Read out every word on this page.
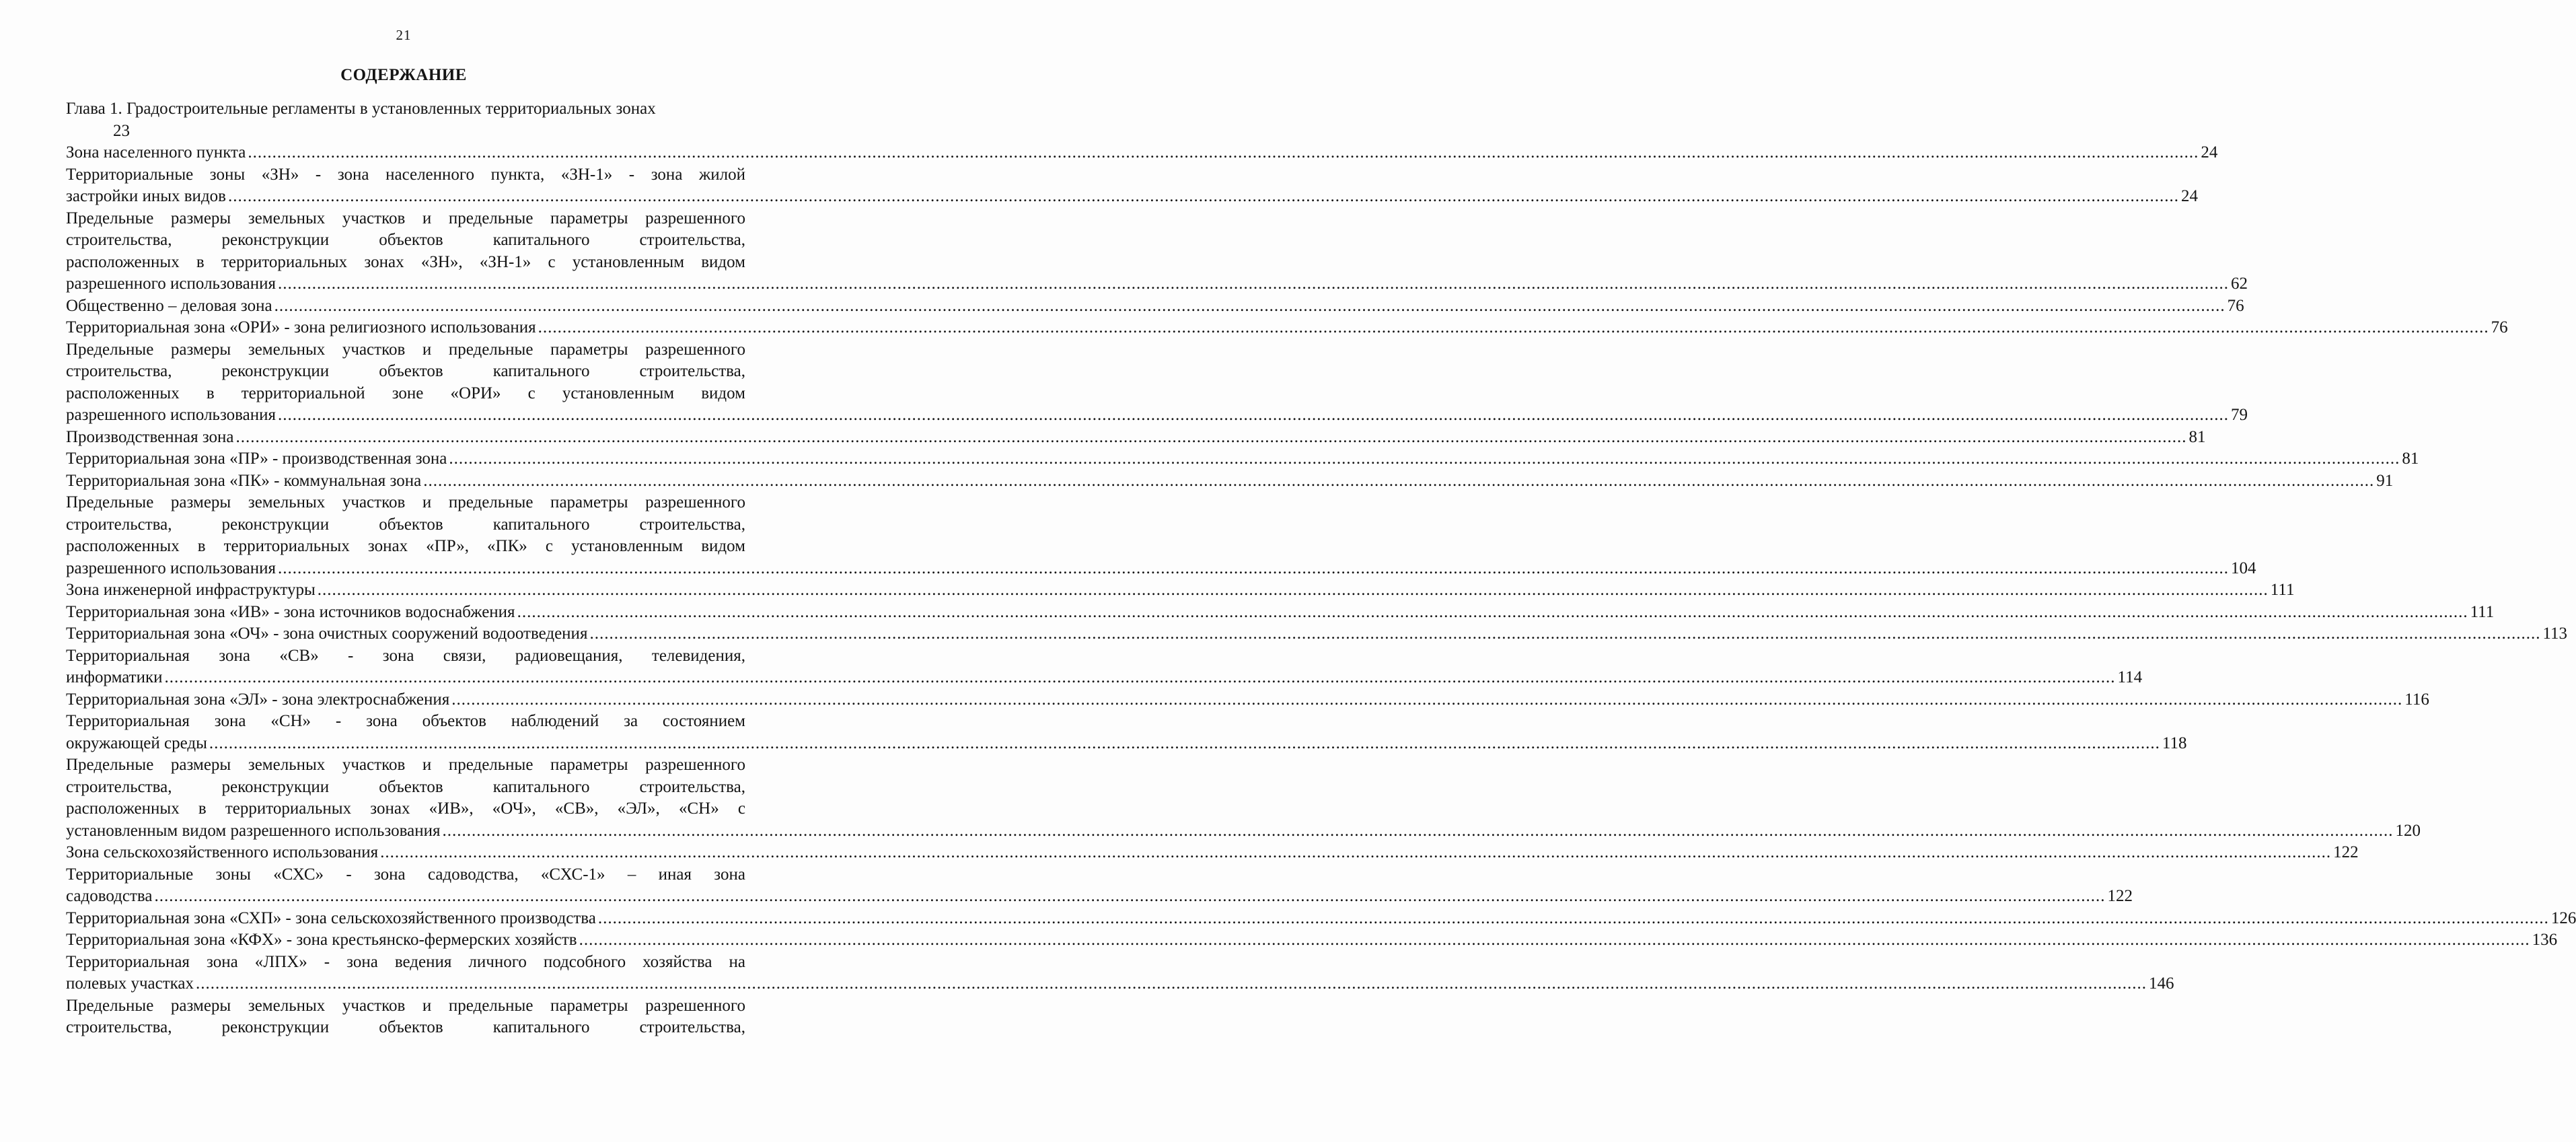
21
СОДЕРЖАНИЕ
Глава 1. Градостроительные регламенты в установленных территориальных зонах
23
Зона населенного пункта ................................................................................................................................................................................................................................................................................................................................................................................................................ 24
Территориальные зоны «ЗН» - зона населенного пункта, «ЗН-1» - зона жилой
застройки иных видов ................................................................................................................................................................................................................................................................................................................................................................................................................ 24
Предельные размеры земельных участков и предельные параметры разрешенного
строительства, реконструкции объектов капитального строительства,
расположенных в территориальных зонах «ЗН», «ЗН-1» с установленным видом
разрешенного использования ................................................................................................................................................................................................................................................................................................................................................................................................................ 62
Общественно – деловая зона ................................................................................................................................................................................................................................................................................................................................................................................................................ 76
Территориальная зона «ОРИ» - зона религиозного использования ................................................................................................................................................................................................................................................................................................................................................................................................................ 76
Предельные размеры земельных участков и предельные параметры разрешенного
строительства, реконструкции объектов капитального строительства,
расположенных в территориальной зоне «ОРИ» с установленным видом
разрешенного использования ................................................................................................................................................................................................................................................................................................................................................................................................................ 79
Производственная зона ................................................................................................................................................................................................................................................................................................................................................................................................................ 81
Территориальная зона «ПР» - производственная зона ................................................................................................................................................................................................................................................................................................................................................................................................................ 81
Территориальная зона «ПК» - коммунальная зона ................................................................................................................................................................................................................................................................................................................................................................................................................ 91
Предельные размеры земельных участков и предельные параметры разрешенного
строительства, реконструкции объектов капитального строительства,
расположенных в территориальных зонах «ПР», «ПК» с установленным видом
разрешенного использования ................................................................................................................................................................................................................................................................................................................................................................................................................ 104
Зона инженерной инфраструктуры ................................................................................................................................................................................................................................................................................................................................................................................................................ 111
Территориальная зона «ИВ» - зона источников водоснабжения ................................................................................................................................................................................................................................................................................................................................................................................................................ 111
Территориальная зона «ОЧ» - зона очистных сооружений водоотведения ................................................................................................................................................................................................................................................................................................................................................................................................................ 113
Территориальная зона «СВ» - зона связи, радиовещания, телевидения,
информатики ................................................................................................................................................................................................................................................................................................................................................................................................................ 114
Территориальная зона «ЭЛ» - зона электроснабжения ................................................................................................................................................................................................................................................................................................................................................................................................................ 116
Территориальная зона «СН» - зона объектов наблюдений за состоянием
окружающей среды ................................................................................................................................................................................................................................................................................................................................................................................................................ 118
Предельные размеры земельных участков и предельные параметры разрешенного
строительства, реконструкции объектов капитального строительства,
расположенных в территориальных зонах «ИВ», «ОЧ», «СВ», «ЭЛ», «СН» с
установленным видом разрешенного использования ................................................................................................................................................................................................................................................................................................................................................................................................................ 120
Зона сельскохозяйственного использования ................................................................................................................................................................................................................................................................................................................................................................................................................ 122
Территориальные зоны «СХС» - зона садоводства, «СХС-1» – иная зона
садоводства ................................................................................................................................................................................................................................................................................................................................................................................................................ 122
Территориальная зона «СХП» - зона сельскохозяйственного производства ................................................................................................................................................................................................................................................................................................................................................................................................................ 126
Территориальная зона «КФХ» - зона крестьянско-фермерских хозяйств ................................................................................................................................................................................................................................................................................................................................................................................................................ 136
Территориальная зона «ЛПХ» - зона ведения личного подсобного хозяйства на
полевых участках ................................................................................................................................................................................................................................................................................................................................................................................................................ 146
Предельные размеры земельных участков и предельные параметры разрешенного
строительства, реконструкции объектов капитального строительства,
